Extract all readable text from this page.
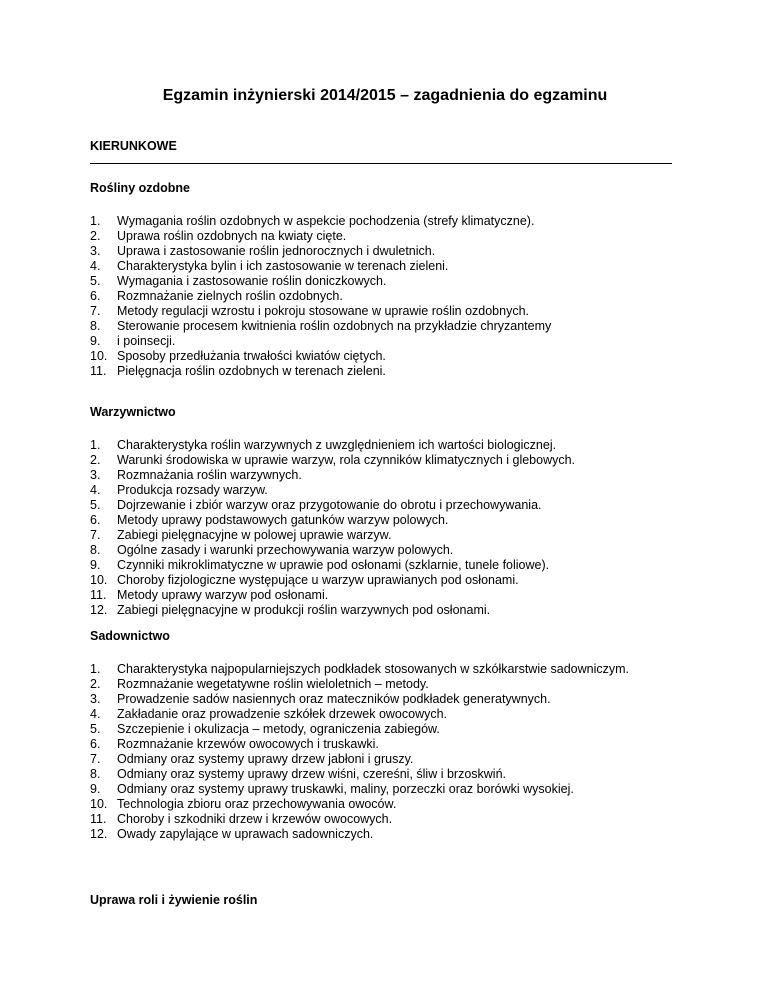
Egzamin inżynierski 2014/2015 – zagadnienia do egzaminu
KIERUNKOWE
Rośliny ozdobne
1.	Wymagania roślin ozdobnych w aspekcie pochodzenia (strefy klimatyczne).
2.	Uprawa roślin ozdobnych na kwiaty cięte.
3.	Uprawa i zastosowanie roślin jednorocznych i dwuletnich.
4.	Charakterystyka bylin i ich zastosowanie w terenach zieleni.
5.	Wymagania i zastosowanie roślin doniczkowych.
6.	Rozmnażanie zielnych roślin ozdobnych.
7.	Metody regulacji wzrostu i pokroju stosowane w uprawie roślin ozdobnych.
8.	Sterowanie procesem kwitnienia roślin ozdobnych na przykładzie chryzantemy
9.	i poinsecji.
10. Sposoby przedłużania trwałości kwiatów ciętych.
11. Pielęgnacja roślin ozdobnych w terenach zieleni.
Warzywnictwo
1.	Charakterystyka roślin warzywnych z uwzględnieniem ich wartości biologicznej.
2.	Warunki środowiska w uprawie warzyw, rola czynników klimatycznych i glebowych.
3.	Rozmnażania roślin warzywnych.
4.	Produkcja rozsady warzyw.
5.	Dojrzewanie i zbiór warzyw oraz przygotowanie do obrotu i przechowywania.
6.	Metody uprawy podstawowych gatunków warzyw polowych.
7.	Zabiegi pielęgnacyjne w polowej uprawie warzyw.
8.	Ogólne zasady i warunki przechowywania warzyw polowych.
9.	Czynniki mikroklimatyczne w uprawie pod osłonami (szklarnie, tunele foliowe).
10. Choroby fizjologiczne występujące u warzyw uprawianych pod osłonami.
11. Metody uprawy warzyw pod osłonami.
12. Zabiegi pielęgnacyjne w produkcji roślin warzywnych pod osłonami.
Sadownictwo
1.	Charakterystyka najpopularniejszych podkładek stosowanych w szkółkarstwie sadowniczym.
2.	Rozmnażanie wegetatywne roślin wieloletnich – metody.
3.	Prowadzenie sadów nasiennych oraz mateczników podkładek generatywnych.
4.	Zakładanie oraz prowadzenie szkółek drzewek owocowych.
5.	Szczepienie i okulizacja – metody, ograniczenia zabiegów.
6.	Rozmnażanie krzewów owocowych i truskawki.
7.	Odmiany oraz systemy uprawy drzew jabłoni i gruszy.
8.	Odmiany oraz systemy uprawy drzew wiśni, czereśni, śliw i brzoskwiń.
9.	Odmiany oraz systemy uprawy truskawki, maliny, porzeczki oraz borówki wysokiej.
10. Technologia zbioru oraz przechowywania owoców.
11. Choroby i szkodniki drzew i krzewów owocowych.
12. Owady zapylające w uprawach sadowniczych.
Uprawa roli i żywienie roślin
